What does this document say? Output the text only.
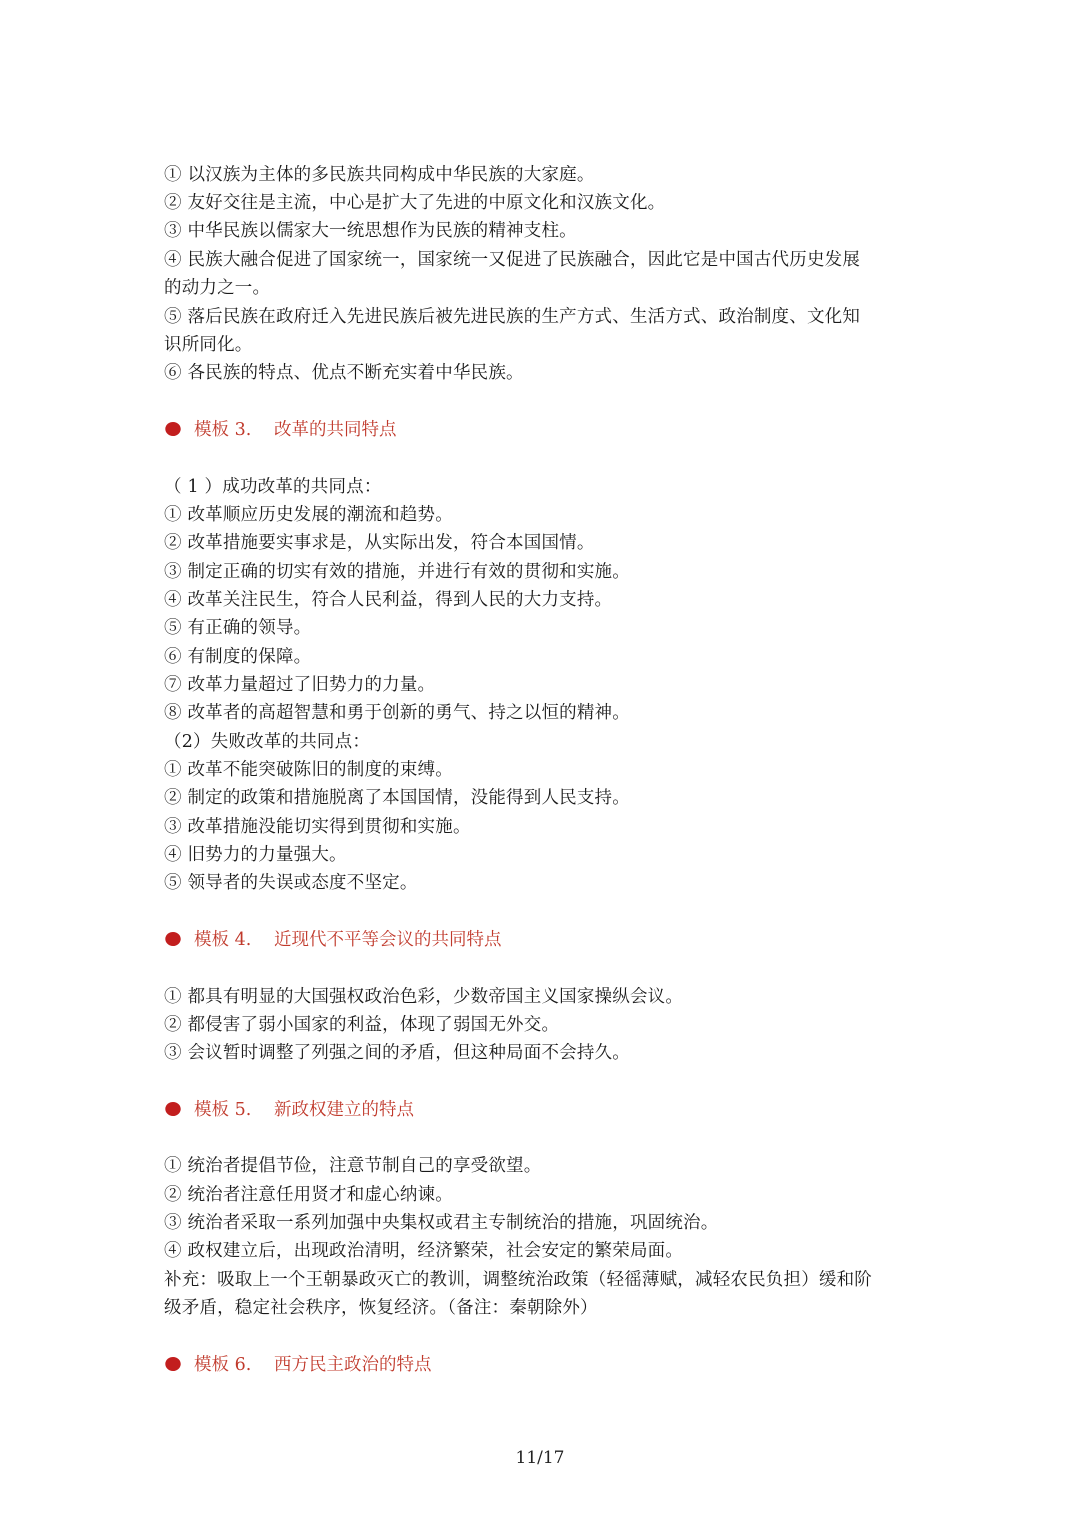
① 以汉族为主体的多民族共同构成中华民族的大家庭。
② 友好交往是主流，中心是扩大了先进的中原文化和汉族文化。
③ 中华民族以儒家大一统思想作为民族的精神支柱。
④ 民族大融合促进了国家统一，国家统一又促进了民族融合，因此它是中国古代历史发展
的动力之一。
⑤ 落后民族在政府迁入先进民族后被先进民族的生产方式、生活方式、政治制度、文化知
识所同化。
⑥ 各民族的特点、优点不断充实着中华民族。
模板 3. 改革的共同特点
（ 1 ）成功改革的共同点：
① 改革顺应历史发展的潮流和趋势。
② 改革措施要实事求是，从实际出发，符合本国国情。
③ 制定正确的切实有效的措施，并进行有效的贯彻和实施。
④ 改革关注民生，符合人民利益，得到人民的大力支持。
⑤ 有正确的领导。
⑥ 有制度的保障。
⑦ 改革力量超过了旧势力的力量。
⑧ 改革者的高超智慧和勇于创新的勇气、持之以恒的精神。
（2）失败改革的共同点：
① 改革不能突破陈旧的制度的束缚。
② 制定的政策和措施脱离了本国国情，没能得到人民支持。
③ 改革措施没能切实得到贯彻和实施。
④ 旧势力的力量强大。
⑤ 领导者的失误或态度不坚定。
模板 4. 近现代不平等会议的共同特点
① 都具有明显的大国强权政治色彩，少数帝国主义国家操纵会议。
② 都侵害了弱小国家的利益，体现了弱国无外交。
③ 会议暂时调整了列强之间的矛盾，但这种局面不会持久。
模板 5. 新政权建立的特点
① 统治者提倡节俭，注意节制自己的享受欲望。
② 统治者注意任用贤才和虚心纳谏。
③ 统治者采取一系列加强中央集权或君主专制统治的措施，巩固统治。
④ 政权建立后，出现政治清明，经济繁荣，社会安定的繁荣局面。
补充：吸取上一个王朝暴政灭亡的教训，调整统治政策（轻徭薄赋，减轻农民负担）缓和阶
级矛盾，稳定社会秩序，恢复经济。（备注：秦朝除外）
模板 6. 西方民主政治的特点
11/17
